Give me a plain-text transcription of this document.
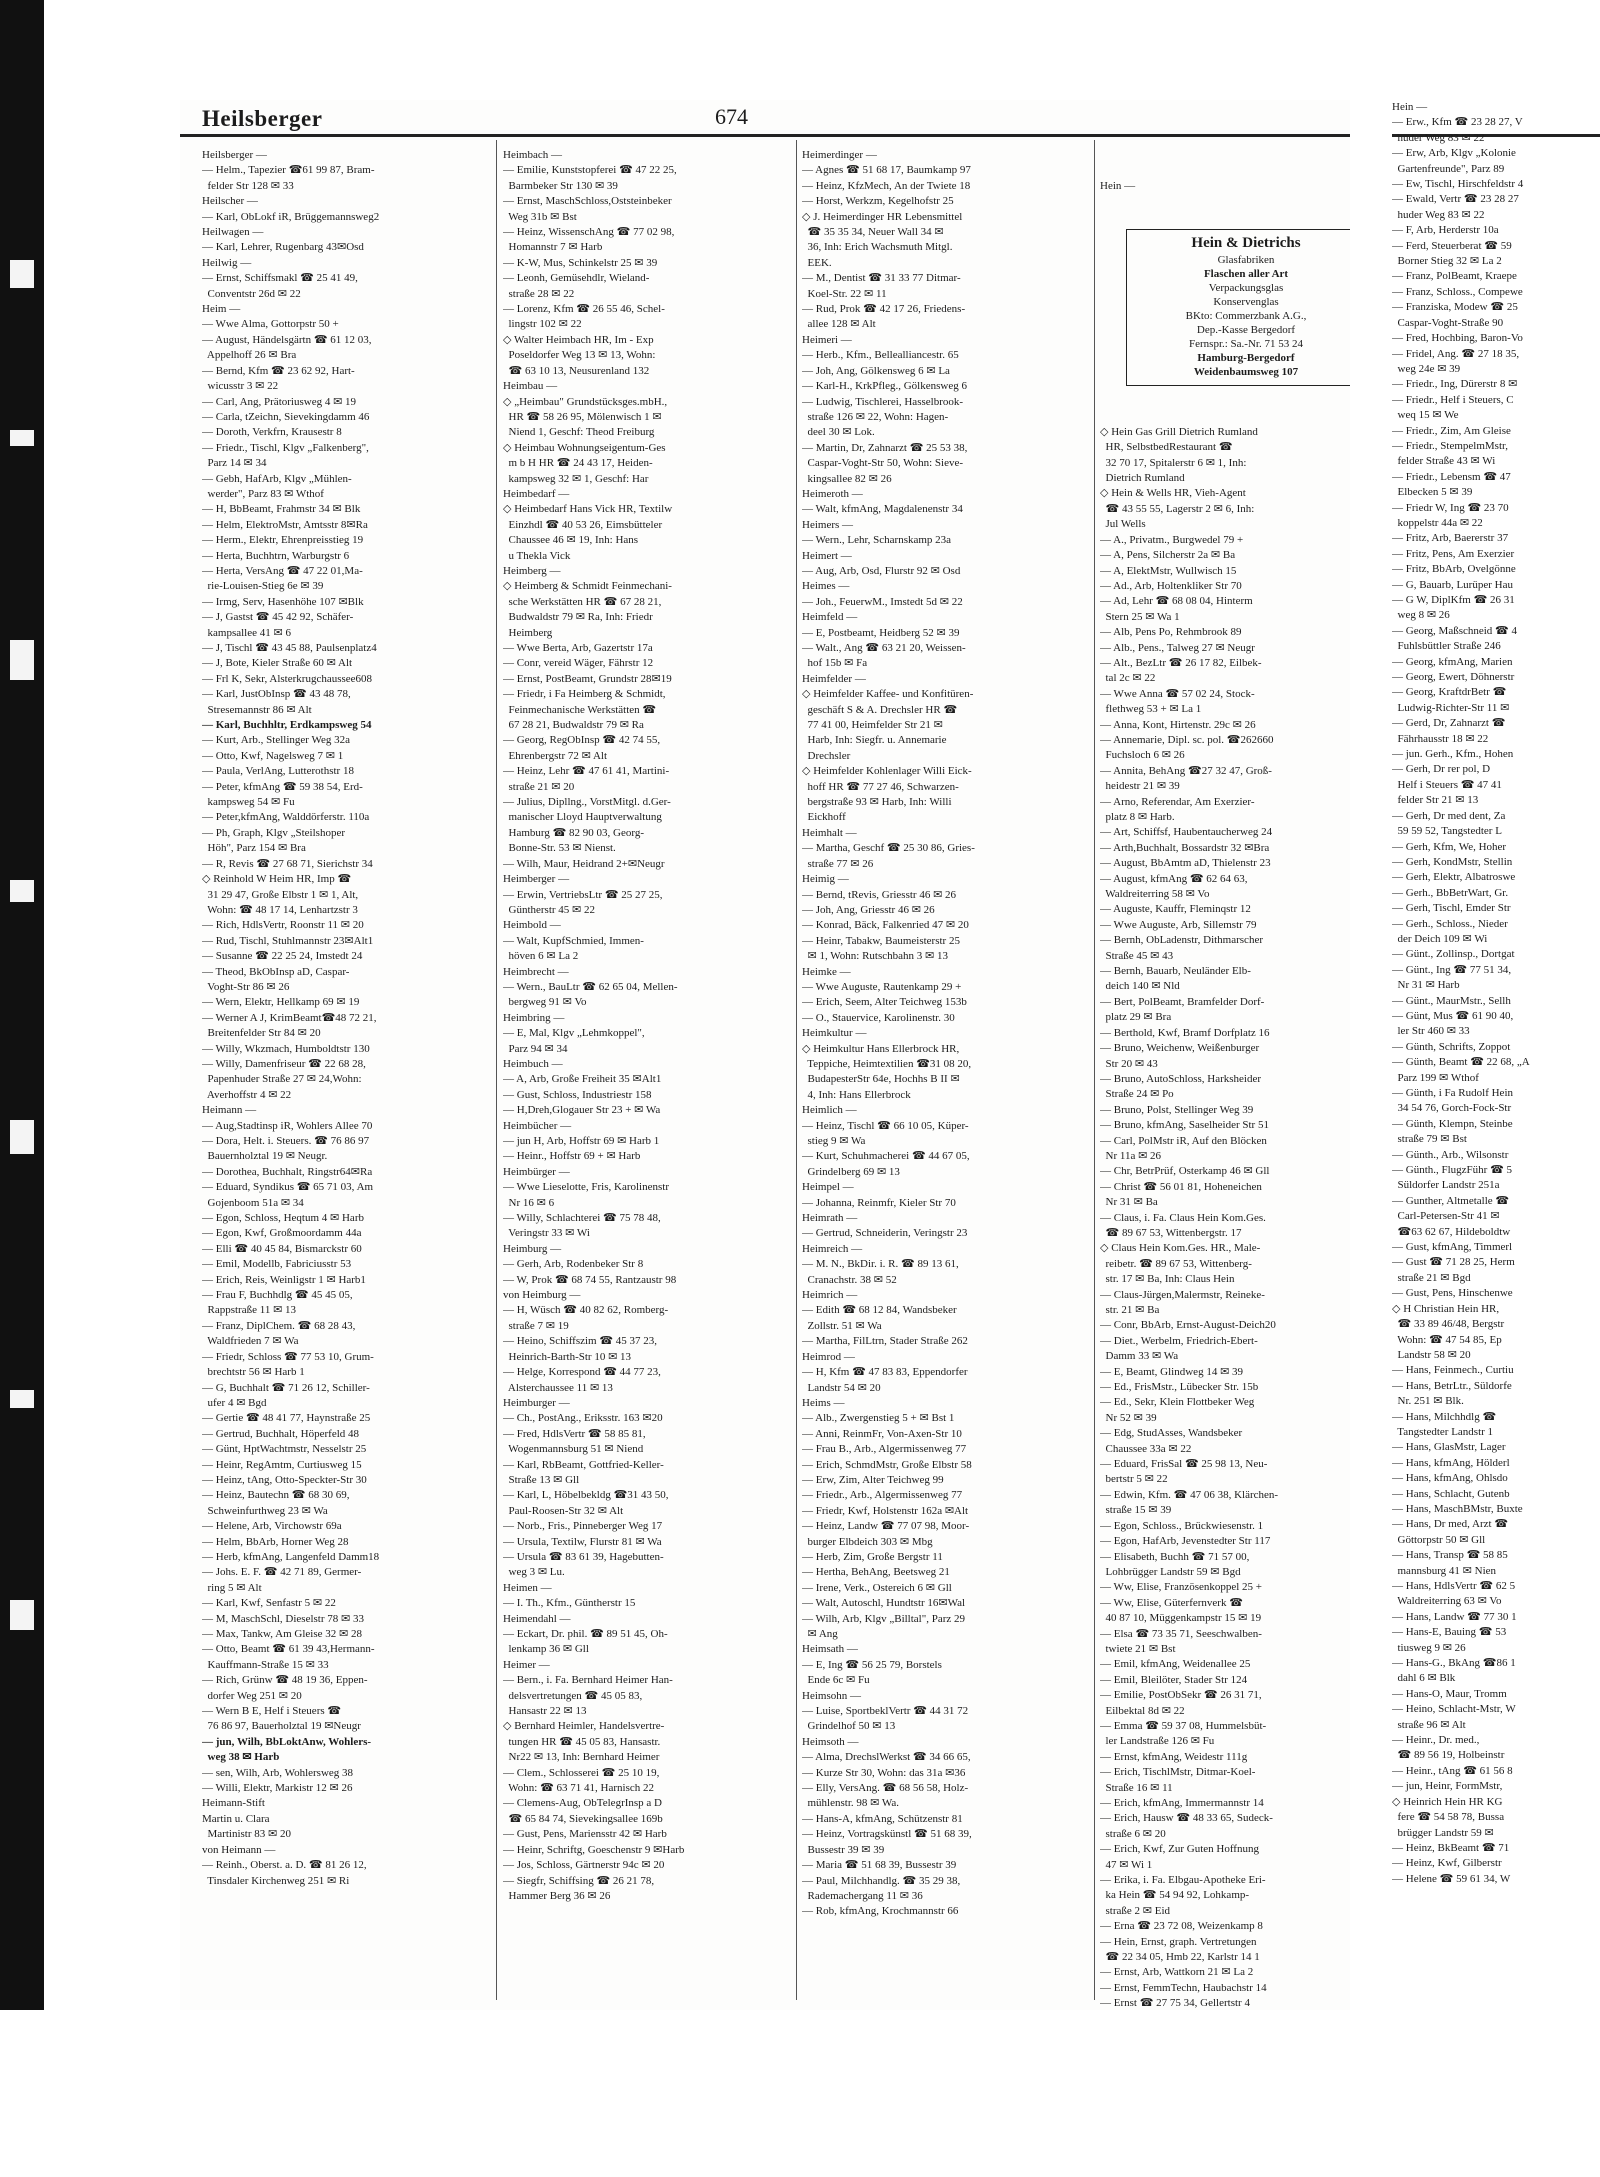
Heilsberger	674
Heilsberger —
— Helm., Tapezier ☎61 99 87, Bram-
felder Str 128 ✉ 33
Heilscher —
— Karl, ObLokf iR, Brüggemannsweg2
Heilwagen —
— Karl, Lehrer, Rugenbarg 43✉Osd
Heilwig —
— Ernst, Schiffsmakl ☎ 25 41 49,
Conventstr 26d ✉ 22
Heim —
— Wwe Alma, Gottorpstr 50 +
— August, Händelsgärtn ☎ 61 12 03,
Appelhoff 26 ✉ Bra
— Bernd, Kfm ☎ 23 62 92, Hart-
wicusstr 3 ✉ 22
— Carl, Ang, Prätoriusweg 4 ✉ 19
— Carla, tZeichn, Sievekingdamm 46
— Doroth, Verkfrn, Krausestr 8
— Friedr., Tischl, Klgv „Falkenberg",
Parz 14 ✉ 34
— Gebh, HafArb, Klgv „Mühlen-
werder", Parz 83 ✉ Wthof
— H, BbBeamt, Frahmstr 34 ✉ Blk
— Helm, ElektroMstr, Amtsstr 8✉Ra
— Herm., Elektr, Ehrenpreisstieg 19
— Herta, Buchhtrn, Warburgstr 6
— Herta, VersAng ☎ 47 22 01,Ma-
rie-Louisen-Stieg 6e ✉ 39
— Irmg, Serv, Hasenhöhe 107 ✉Blk
— J, Gastst ☎ 45 42 92, Schäfer-
kampsallee 41 ✉ 6
— J, Tischl ☎ 43 45 88, Paulsenplatz4
— J, Bote, Kieler Straße 60 ✉ Alt
— Frl K, Sekr, Alsterkrugchaussee608
— Karl, JustObInsp ☎ 43 48 78,
Stresemannstr 86 ✉ Alt
— Karl, Buchhltr, Erdkampsweg 54
— Kurt, Arb., Stellinger Weg 32a
— Otto, Kwf, Nagelsweg 7 ✉ 1
— Paula, VerlAng, Lutterothstr 18
— Peter, kfmAng ☎ 59 38 54, Erd-
kampsweg 54 ✉ Fu
— Peter,kfmAng, Walddörferstr. 110a
— Ph, Graph, Klgv „Steilshoper
Höh", Parz 154 ✉ Bra
— R, Revis ☎ 27 68 71, Sierichstr 34
◇ Reinhold W Heim HR, Imp ☎
31 29 47, Große Elbstr 1 ✉ 1, Alt,
Wohn: ☎ 48 17 14, Lenhartzstr 3
— Rich, HdlsVertr, Roonstr 11 ✉ 20
— Rud, Tischl, Stuhlmannstr 23✉Alt1
— Susanne ☎ 22 25 24, Imstedt 24
— Theod, BkObInsp aD, Caspar-
Voght-Str 86 ✉ 26
— Wern, Elektr, Hellkamp 69 ✉ 19
— Werner A J, KrimBeamt☎48 72 21,
Breitenfelder Str 84 ✉ 20
— Willy, Wkzmach, Humboldtstr 130
— Willy, Damenfriseur ☎ 22 68 28,
Papenhuder Straße 27 ✉ 24,Wohn:
Averhoffstr 4 ✉ 22
Heimann —
— Aug,Stadtinsp iR, Wohlers Allee 70
— Dora, Helt. i. Steuers. ☎ 76 86 97
Bauernholztal 19 ✉ Neugr.
— Dorothea, Buchhalt, Ringstr64✉Ra
— Eduard, Syndikus ☎ 65 71 03, Am
Gojenboom 51a ✉ 34
— Egon, Schloss, Heqtum 4 ✉ Harb
— Egon, Kwf, Großmoordamm 44a
— Elli ☎ 40 45 84, Bismarckstr 60
— Emil, Modellb, Fabriciusstr 53
— Erich, Reis, Weinligstr 1 ✉ Harb1
— Frau F, Buchhdlg ☎ 45 45 05,
Rappstraße 11 ✉ 13
— Franz, DiplChem. ☎ 68 28 43,
Waldfrieden 7 ✉ Wa
— Friedr, Schloss ☎ 77 53 10, Grum-
brechtstr 56 ✉ Harb 1
— G, Buchhalt ☎ 71 26 12, Schiller-
ufer 4 ✉ Bgd
— Gertie ☎ 48 41 77, Haynstraße 25
— Gertrud, Buchhalt, Höperfeld 48
— Günt, HptWachtmstr, Nesselstr 25
— Heinr, RegAmtm, Curtiusweg 15
— Heinz, tAng, Otto-Speckter-Str 30
— Heinz, Bautechn ☎ 68 30 69,
Schweinfurthweg 23 ✉ Wa
— Helene, Arb, Virchowstr 69a
— Helm, BbArb, Horner Weg 28
— Herb, kfmAng, Langenfeld Damm18
— Johs. E. F. ☎ 42 71 89, Germer-
ring 5 ✉ Alt
— Karl, Kwf, Senfastr 5 ✉ 22
— M, MaschSchl, Dieselstr 78 ✉ 33
— Max, Tankw, Am Gleise 32 ✉ 28
— Otto, Beamt ☎ 61 39 43,Hermann-
Kauffmann-Straße 15 ✉ 33
— Rich, Grünw ☎ 48 19 36, Eppen-
dorfer Weg 251 ✉ 20
— Wern B E, Helf i Steuers ☎
76 86 97, Bauerholztal 19 ✉Neugr
— jun, Wilh, BbLoktAnw, Wohlers-
weg 38 ✉ Harb
— sen, Wilh, Arb, Wohlersweg 38
— Willi, Elektr, Markistr 12 ✉ 26
Heimann-Stift
Martin u. Clara
Martinistr 83 ✉ 20
von Heimann —
— Reinh., Oberst. a. D. ☎ 81 26 12,
Tinsdaler Kirchenweg 251 ✉ Ri
Heimbach —
— Emilie, Kunststopferei ☎ 47 22 25,
Barmbeker Str 130 ✉ 39
— Ernst, MaschSchloss,Oststeinbeker
Weg 31b ✉ Bst
— Heinz, WissenschAng ☎ 77 02 98,
Homannstr 7 ✉ Harb
— K-W, Mus, Schinkelstr 25 ✉ 39
— Leonh, Gemüsehdlr, Wieland-
straße 28 ✉ 22
— Lorenz, Kfm ☎ 26 55 46, Schel-
lingstr 102 ✉ 22
◇ Walter Heimbach HR, Im - Exp
Poseldorfer Weg 13 ✉ 13, Wohn:
☎ 63 10 13, Neusurenland 132
Heimbau —
◇ „Heimbau" Grundstücksges.mbH.,
HR ☎ 58 26 95, Mölenwisch 1 ✉
Niend 1, Geschf: Theod Freiburg
◇ Heimbau Wohnungseigentum-Ges
m b H HR ☎ 24 43 17, Heiden-
kampsweg 32 ✉ 1, Geschf: Har
Heimbedarf —
◇ Heimbedarf Hans Vick HR, Textilw
Einzhdl ☎ 40 53 26, Eimsbütteler
Chaussee 46 ✉ 19, Inh: Hans
u Thekla Vick
Heimberg —
◇ Heimberg & Schmidt Feinmechani-
sche Werkstätten HR ☎ 67 28 21,
Budwaldstr 79 ✉ Ra, Inh: Friedr
Heimberg
— Wwe Berta, Arb, Gazertstr 17a
— Conr, vereid Wäger, Fährstr 12
— Ernst, PostBeamt, Grundstr 28✉19
— Friedr, i Fa Heimberg & Schmidt,
Feinmechanische Werkstätten ☎
67 28 21, Budwaldstr 79 ✉ Ra
— Georg, RegObInsp ☎ 42 74 55,
Ehrenbergstr 72 ✉ Alt
— Heinz, Lehr ☎ 47 61 41, Martini-
straße 21 ✉ 20
— Julius, Dipllng., VorstMitgl. d.Ger-
manischer Lloyd Hauptverwaltung
Hamburg ☎ 82 90 03, Georg-
Bonne-Str. 53 ✉ Nienst.
— Wilh, Maur, Heidrand 2+✉Neugr
Heimberger —
— Erwin, VertriebsLtr ☎ 25 27 25,
Güntherstr 45 ✉ 22
Heimbold —
— Walt, KupfSchmied, Immen-
höven 6 ✉ La 2
Heimbrecht —
— Wern., BauLtr ☎ 62 65 04, Mellen-
bergweg 91 ✉ Vo
Heimbring —
— E, Mal, Klgv „Lehmkoppel",
Parz 94 ✉ 34
Heimbuch —
— A, Arb, Große Freiheit 35 ✉Alt1
— Gust, Schloss, Industriestr 158
— H,Dreh,Glogauer Str 23 + ✉ Wa
Heimbücher —
— jun H, Arb, Hoffstr 69 ✉ Harb 1
— Heinr., Hoffstr 69 + ✉ Harb
Heimbürger —
— Wwe Lieselotte, Fris, Karolinenstr
Nr 16 ✉ 6
— Willy, Schlachterei ☎ 75 78 48,
Veringstr 33 ✉ Wi
Heimburg —
— Gerh, Arb, Rodenbeker Str 8
— W, Prok ☎ 68 74 55, Rantzaustr 98
von Heimburg —
— H, Wüsch ☎ 40 82 62, Romberg-
straße 7 ✉ 19
— Heino, Schiffszim ☎ 45 37 23,
Heinrich-Barth-Str 10 ✉ 13
— Helge, Korrespond ☎ 44 77 23,
Alsterchaussee 11 ✉ 13
Heimburger —
— Ch., PostAng., Eriksstr. 163 ✉20
— Fred, HdlsVertr ☎ 58 85 81,
Wogenmannsburg 51 ✉ Niend
— Karl, RbBeamt, Gottfried-Keller-
Straße 13 ✉ Gll
— Karl, L, Höbelbekldg ☎31 43 50,
Paul-Roosen-Str 32 ✉ Alt
— Norb., Fris., Pinneberger Weg 17
— Ursula, Textilw, Flurstr 81 ✉ Wa
— Ursula ☎ 83 61 39, Hagebutten-
weg 3 ✉ Lu.
Heimen —
— I. Th., Kfm., Güntherstr 15
Heimendahl —
— Eckart, Dr. phil. ☎ 89 51 45, Oh-
lenkamp 36 ✉ Gll
Heimer —
— Bern., i. Fa. Bernhard Heimer Han-
delsvertretungen ☎ 45 05 83,
Hansastr 22 ✉ 13
◇ Bernhard Heimler, Handelsvertre-
tungen HR ☎ 45 05 83, Hansastr.
Nr22 ✉ 13, Inh: Bernhard Heimer
— Clem., Schlosserei ☎ 25 10 19,
Wohn: ☎ 63 71 41, Harnisch 22
— Clemens-Aug, ObTelegrInsp a D
☎ 65 84 74, Sievekingsallee 169b
— Gust, Pens, Mariensstr 42 ✉ Harb
— Heinr, Schriftg, Goeschenstr 9 ✉Harb
— Jos, Schloss, Gärtnerstr 94c ✉ 20
— Siegfr, Schiffsing ☎ 26 21 78,
Hammer Berg 36 ✉ 26
Heimerdinger —
— Agnes ☎ 51 68 17, Baumkamp 97
— Heinz, KfzMech, An der Twiete 18
— Horst, Werkzm, Kegelhofstr 25
◇ J. Heimerdinger HR Lebensmittel
☎ 35 35 34, Neuer Wall 34 ✉
36, Inh: Erich Wachsmuth Mitgl.
EEK.
— M., Dentist ☎ 31 33 77 Ditmar-
Koel-Str. 22 ✉ 11
— Rud, Prok ☎ 42 17 26, Friedens-
allee 128 ✉ Alt
Heimeri —
— Herb., Kfm., Bellealliancestr. 65
— Joh, Ang, Gölkensweg 6 ✉ La
— Karl-H., KrkPfleg., Gölkensweg 6
— Ludwig, Tischlerei, Hasselbrook-
straße 126 ✉ 22, Wohn: Hagen-
deel 30 ✉ Lok.
— Martin, Dr, Zahnarzt ☎ 25 53 38,
Caspar-Voght-Str 50, Wohn: Sieve-
kingsallee 82 ✉ 26
Heimeroth —
— Walt, kfmAng, Magdalenenstr 34
Heimers —
— Wern., Lehr, Scharnskamp 23a
Heimert —
— Aug, Arb, Osd, Flurstr 92 ✉ Osd
Heimes —
— Joh., FeuerwM., Imstedt 5d ✉ 22
Heimfeld —
— E, Postbeamt, Heidberg 52 ✉ 39
— Walt., Ang ☎ 63 21 20, Weissen-
hof 15b ✉ Fa
Heimfelder —
◇ Heimfelder Kaffee- und Konfitüren-
geschäft S & A. Drechsler HR ☎
77 41 00, Heimfelder Str 21 ✉
Harb, Inh: Siegfr. u. Annemarie
Drechsler
◇ Heimfelder Kohlenlager Willi Eick-
hoff HR ☎ 77 27 46, Schwarzen-
bergstraße 93 ✉ Harb, Inh: Willi
Eickhoff
Heimhalt —
— Martha, Geschf ☎ 25 30 86, Gries-
straße 77 ✉ 26
Heimig —
— Bernd, tRevis, Griesstr 46 ✉ 26
— Joh, Ang, Griesstr 46 ✉ 26
— Konrad, Bäck, Falkenried 47 ✉ 20
— Heinr, Tabakw, Baumeisterstr 25
✉ 1, Wohn: Rutschbahn 3 ✉ 13
Heimke —
— Wwe Auguste, Rautenkamp 29 +
— Erich, Seem, Alter Teichweg 153b
— O., Stauervice, Karolinenstr. 30
Heimkultur —
◇ Heimkultur Hans Ellerbrock HR,
Teppiche, Heimtextilien ☎31 08 20,
BudapesterStr 64e, Hochhs B II ✉
4, Inh: Hans Ellerbrock
Heimlich —
— Heinz, Tischl ☎ 66 10 05, Küper-
stieg 9 ✉ Wa
— Kurt, Schuhmacherei ☎ 44 67 05,
Grindelberg 69 ✉ 13
Heimpel —
— Johanna, Reinmfr, Kieler Str 70
Heimrath —
— Gertrud, Schneiderin, Veringstr 23
Heimreich —
— M. N., BkDir. i. R. ☎ 89 13 61,
Cranachstr. 38 ✉ 52
Heimrich —
— Edith ☎ 68 12 84, Wandsbeker
Zollstr. 51 ✉ Wa
— Martha, FilLtrn, Stader Straße 262
Heimrod —
— H, Kfm ☎ 47 83 83, Eppendorfer
Landstr 54 ✉ 20
Heims —
— Alb., Zwergenstieg 5 + ✉ Bst 1
— Anni, ReinmFr, Von-Axen-Str 10
— Frau B., Arb., Algermissenweg 77
— Erich, SchmdMstr, Große Elbstr 58
— Erw, Zim, Alter Teichweg 99
— Friedr., Arb., Algermissenweg 77
— Friedr, Kwf, Holstenstr 162a ✉Alt
— Heinz, Landw ☎ 77 07 98, Moor-
burger Elbdeich 303 ✉ Mbg
— Herb, Zim, Große Bergstr 11
— Hertha, BehAng, Beetsweg 21
— Irene, Verk., Ostereich 6 ✉ Gll
— Walt, Autoschl, Hundtstr 16✉Wal
— Wilh, Arb, Klgv „Billtal", Parz 29
✉ Ang
Heimsath —
— E, Ing ☎ 56 25 79, Borstels
Ende 6c ✉ Fu
Heimsohn —
— Luise, SportbeklVertr ☎ 44 31 72
Grindelhof 50 ✉ 13
Heimsoth —
— Alma, DrechslWerkst ☎ 34 66 65,
— Kurze Str 30, Wohn: das 31a ✉36
— Elly, VersAng. ☎ 68 56 58, Holz-
mühlenstr. 98 ✉ Wa.
— Hans-A, kfmAng, Schützenstr 81
— Heinz, Vortragskünstl ☎ 51 68 39,
Bussestr 39 ✉ 39
— Maria ☎ 51 68 39, Bussestr 39
— Paul, Milchhandlg. ☎ 35 29 38,
Rademachergang 11 ✉ 36
— Rob, kfmAng, Krochmannstr 66

Hein —

Hein & Dietrichs
Glasfabriken
Flaschen aller Art
Verpackungsglas
Konservenglas
BKto: Commerzbank A.G.,
Dep.-Kasse Bergedorf
Fernspr.: Sa.-Nr. 71 53 24
Hamburg-Bergedorf
Weidenbaumsweg 107

◇ Hein Gas Grill Dietrich Rumland
HR, SelbstbedRestaurant ☎
32 70 17, Spitalerstr 6 ✉ 1, Inh:
Dietrich Rumland
◇ Hein & Wells HR, Vieh-Agent
☎ 43 55 55, Lagerstr 2 ✉ 6, Inh:
Jul Wells
— A., Privatm., Burgwedel 79 +
— A, Pens, Silcherstr 2a ✉ Ba
— A, ElektMstr, Wullwisch 15
— Ad., Arb, Holtenkliker Str 70
— Ad, Lehr ☎ 68 08 04, Hinterm
Stern 25 ✉ Wa 1
— Alb, Pens Po, Rehmbrook 89
— Alb., Pens., Talweg 27 ✉ Neugr
— Alt., BezLtr ☎ 26 17 82, Eilbek-
tal 2c ✉ 22
— Wwe Anna ☎ 57 02 24, Stock-
flethweg 53 + ✉ La 1
— Anna, Kont, Hirtenstr. 29c ✉ 26
— Annemarie, Dipl. sc. pol. ☎262660
Fuchsloch 6 ✉ 26
— Annita, BehAng ☎27 32 47, Groß-
heidestr 21 ✉ 39
— Arno, Referendar, Am Exerzier-
platz 8 ✉ Harb.
— Art, Schiffsf, Haubentaucherweg 24
— Arth,Buchhalt, Bossardstr 32 ✉Bra
— August, BbAmtm aD, Thielenstr 23
— August, kfmAng ☎ 62 64 63,
Waldreiterring 58 ✉ Vo
— Auguste, Kauffr, Fleminqstr 12
— Wwe Auguste, Arb, Sillemstr 79
— Bernh, ObLadenstr, Dithmarscher
Straße 45 ✉ 43
— Bernh, Bauarb, Neuländer Elb-
deich 140 ✉ Nld
— Bert, PolBeamt, Bramfelder Dorf-
platz 29 ✉ Bra
— Berthold, Kwf, Bramf Dorfplatz 16
— Bruno, Weichenw, Weißenburger
Str 20 ✉ 43
— Bruno, AutoSchloss, Harksheider
Straße 24 ✉ Po
— Bruno, Polst, Stellinger Weg 39
— Bruno, kfmAng, Saselheider Str 51
— Carl, PolMstr iR, Auf den Blöcken
Nr 11a ✉ 26
— Chr, BetrPrüf, Osterkamp 46 ✉ Gll
— Christ ☎ 56 01 81, Hoheneichen
Nr 31 ✉ Ba
— Claus, i. Fa. Claus Hein Kom.Ges.
☎ 89 67 53, Wittenbergstr. 17
◇ Claus Hein Kom.Ges. HR., Male-
reibetr. ☎ 89 67 53, Wittenberg-
str. 17 ✉ Ba, Inh: Claus Hein
— Claus-Jürgen,Malermstr, Reineke-
str. 21 ✉ Ba
— Conr, BbArb, Ernst-August-Deich20
— Diet., Werbelm, Friedrich-Ebert-
Damm 33 ✉ Wa
— E, Beamt, Glindweg 14 ✉ 39
— Ed., FrisMstr., Lübecker Str. 15b
— Ed., Sekr, Klein Flottbeker Weg
Nr 52 ✉ 39
— Edg, StudAsses, Wandsbeker
Chaussee 33a ✉ 22
— Eduard, FrisSal ☎ 25 98 13, Neu-
bertstr 5 ✉ 22
— Edwin, Kfm. ☎ 47 06 38, Klärchen-
straße 15 ✉ 39
— Egon, Schloss., Brückwiesenstr. 1
— Egon, HafArb, Jevenstedter Str 117
— Elisabeth, Buchh ☎ 71 57 00,
Lohbrügger Landstr 59 ✉ Bgd
— Ww, Elise, Französenkoppel 25 +
— Ww, Elise, Güterfernverk ☎
40 87 10, Müggenkampstr 15 ✉ 19
— Elsa ☎ 73 35 71, Seeschwalben-
twiete 21 ✉ Bst
— Emil, kfmAng, Weidenallee 25
— Emil, Bleilöter, Stader Str 124
— Emilie, PostObSekr ☎ 26 31 71,
Eilbektal 8d ✉ 22
— Emma ☎ 59 37 08, Hummelsbüt-
ler Landstraße 126 ✉ Fu
— Ernst, kfmAng, Weidestr 111g
— Erich, TischlMstr, Ditmar-Koel-
Straße 16 ✉ 11
— Erich, kfmAng, Immermannstr 14
— Erich, Hausw ☎ 48 33 65, Sudeck-
straße 6 ✉ 20
— Erich, Kwf, Zur Guten Hoffnung
47 ✉ Wi 1
— Erika, i. Fa. Elbgau-Apotheke Eri-
ka Hein ☎ 54 94 92, Lohkamp-
straße 2 ✉ Eid
— Erna ☎ 23 72 08, Weizenkamp 8
— Hein, Ernst, graph. Vertretungen
☎ 22 34 05, Hmb 22, Karlstr 14 1
— Ernst, Arb, Wattkorn 21 ✉ La 2
— Ernst, FemmTechn, Haubachstr 14
— Ernst ☎ 27 75 34, Gellertstr 4

Hein —
— Erw., Kfm ☎ 23 28 27, V
huder Weg 83 ✉ 22
— Erw, Arb, Klgv „Kolonie
Gartenfreunde", Parz 89
— Ew, Tischl, Hirschfeldstr 4
— Ewald, Vertr ☎ 23 28 27
huder Weg 83 ✉ 22
— F, Arb, Herderstr 10a
— Ferd, Steuerberat ☎ 59
Borner Stieg 32 ✉ La 2
— Franz, PolBeamt, Kraepe
— Franz, Schloss., Compewe
— Franziska, Modew ☎ 25
Caspar-Voght-Straße 90
— Fred, Hochbing, Baron-Vo
— Fridel, Ang. ☎ 27 18 35,
weg 24e ✉ 39
— Friedr., Ing, Dürerstr 8 ✉
— Friedr., Helf i Steuers, C
weq 15 ✉ We
— Friedr., Zim, Am Gleise
— Friedr., StempelmMstr,
felder Straße 43 ✉ Wi
— Friedr., Lebensm ☎ 47
Elbecken 5 ✉ 39
— Friedr W, Ing ☎ 23 70
koppelstr 44a ✉ 22
— Fritz, Arb, Baererstr 37
— Fritz, Pens, Am Exerzier
— Fritz, BbArb, Ovelgönne
— G, Bauarb, Lurüper Hau
— G W, DiplKfm ☎ 26 31
weg 8 ✉ 26
— Georg, Maßschneid ☎ 4
Fuhlsbüttler Straße 246
— Georg, kfmAng, Marien
— Georg, Ewert, Döhnerstr
— Georg, KraftdrBetr ☎
Ludwig-Richter-Str 11 ✉
— Gerd, Dr, Zahnarzt ☎
Fährhausstr 18 ✉ 22
— jun. Gerh., Kfm., Hohen
— Gerh, Dr rer pol, D
Helf i Steuers ☎ 47 41
felder Str 21 ✉ 13
— Gerh, Dr med dent, Za
59 59 52, Tangstedter L
— Gerh, Kfm, We, Hoher
— Gerh, KondMstr, Stellin
— Gerh, Elektr, Albatroswe
— Gerh., BbBetrWart, Gr.
— Gerh, Tischl, Emder Str
— Gerh., Schloss., Nieder
der Deich 109 ✉ Wi
— Günt., Zollinsp., Dortgat
— Günt., Ing ☎ 77 51 34,
Nr 31 ✉ Harb
— Günt., MaurMstr., Sellh
— Günt, Mus ☎ 61 90 40,
ler Str 460 ✉ 33
— Günth, Schrifts, Zoppot
— Günth, Beamt ☎ 22 68, „A
Parz 199 ✉ Wthof
— Günth, i Fa Rudolf Hein
34 54 76, Gorch-Fock-Str
— Günth, Klempn, Steinbe
straße 79 ✉ Bst
— Günth., Arb., Wilsonstr
— Günth., FlugzFühr ☎ 5
Süldorfer Landstr 251a
— Gunther, Altmetalle ☎
Carl-Petersen-Str 41 ✉
☎63 62 67, Hildeboldtw
— Gust, kfmAng, Timmerl
— Gust ☎ 71 28 25, Herm
straße 21 ✉ Bgd
— Gust, Pens, Hinschenwe
◇ H Christian Hein HR,
☎ 33 89 46/48, Bergstr
Wohn: ☎ 47 54 85, Ep
Landstr 58 ✉ 20
— Hans, Feinmech., Curtiu
— Hans, BetrLtr., Süldorfe
Nr. 251 ✉ Blk.
— Hans, Milchhdlg ☎
Tangstedter Landstr 1
— Hans, GlasMstr, Lager
— Hans, kfmAng, Hölderl
— Hans, kfmAng, Ohlsdo
— Hans, Schlacht, Gutenb
— Hans, MaschBMstr, Buxte
— Hans, Dr med, Arzt ☎
Göttorpstr 50 ✉ Gll
— Hans, Transp ☎ 58 85
mannsburg 41 ✉ Nien
— Hans, HdlsVertr ☎ 62 5
Waldreiterring 63 ✉ Vo
— Hans, Landw ☎ 77 30 1
— Hans-E, Bauing ☎ 53
tiusweg 9 ✉ 26
— Hans-G., BkAng ☎86 1
dahl 6 ✉ Blk
— Hans-O, Maur, Tromm
— Heino, Schlacht-Mstr, W
straße 96 ✉ Alt
— Heinr., Dr. med.,
☎ 89 56 19, Holbeinstr
— Heinr., tAng ☎ 61 56 8
— jun, Heinr, FormMstr,
◇ Heinrich Hein HR KG
fere ☎ 54 58 78, Bussa
brügger Landstr 59 ✉
— Heinz, BkBeamt ☎ 71
— Heinz, Kwf, Gilberstr
— Helene ☎ 59 61 34, W
